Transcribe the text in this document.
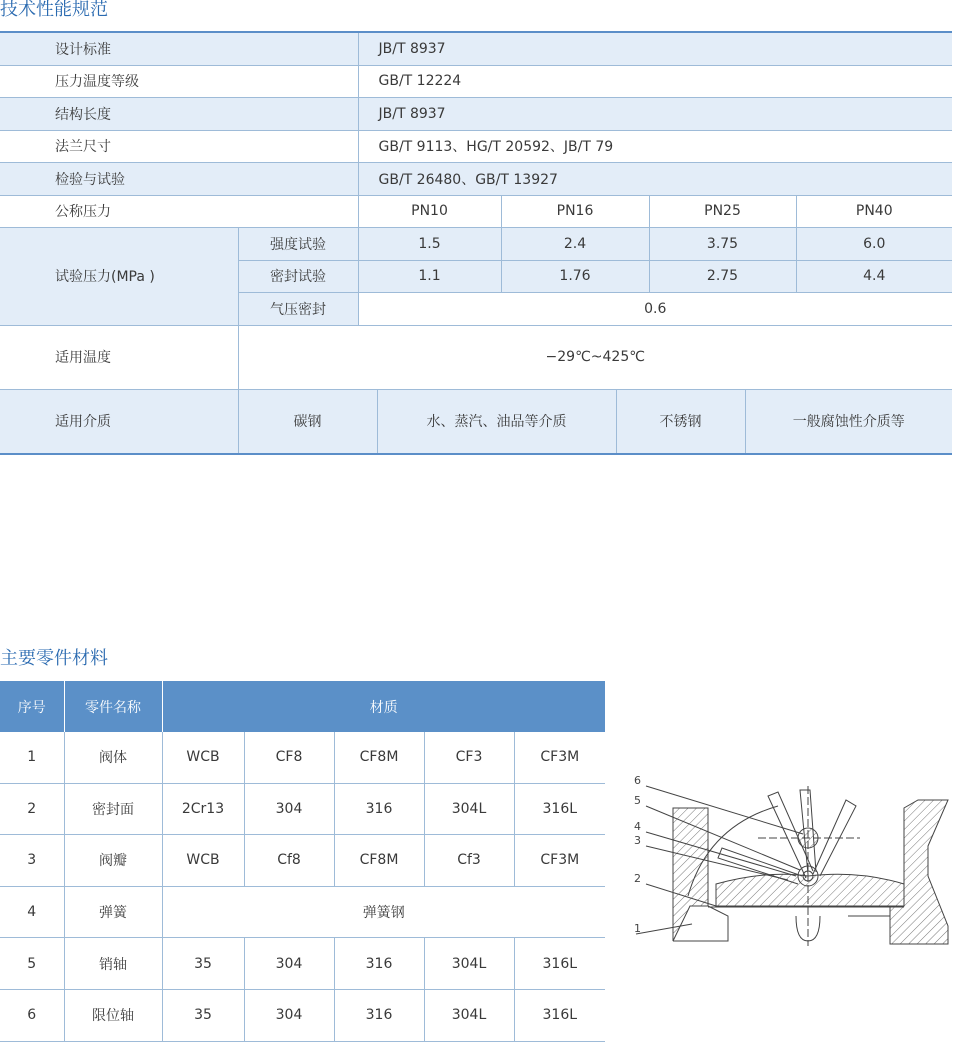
技术性能规范
设计标准		JB/T 8937			
压力温度等级		GB/T 12224			
结构长度		JB/T 8937			
法兰尺寸		GB/T 9113、HG/T 20592、JB/T 79			
检验与试验		GB/T 26480、GB/T 13927			
公称压力		PN10	PN16	PN25	PN40
试验压力(MPa )	强度试验	1.5	2.4	3.75	6.0
	密封试验	1.1	1.76	2.75	4.4
	气压密封	0.6			
适用温度	−29℃~425℃				
适用介质	碳钢	水、蒸汽、油品等介质	不锈钢	一般腐蚀性介质等
主要零件材料
序号	零件名称	材质				
1	阀体	WCB	CF8	CF8M	CF3	CF3M
2	密封面	2Cr13	304	316	304L	316L
3	阀瓣	WCB	Cf8	CF8M	Cf3	CF3M
4	弹簧	弹簧钢				
5	销轴	35	304	316	304L	316L
6	限位轴	35	304	316	304L	316L
6
5
4
3
2
1
